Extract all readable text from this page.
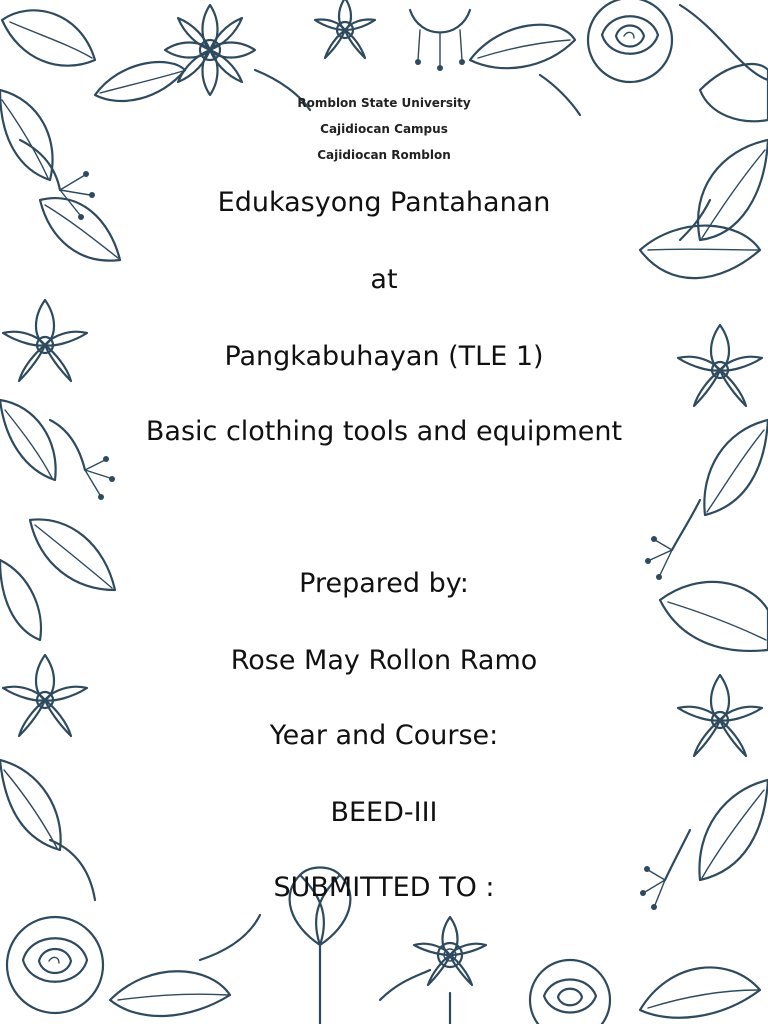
Romblon State University
Cajidiocan Campus
Cajidiocan Romblon
Edukasyong Pantahanan
at
Pangkabuhayan (TLE 1)
Basic clothing tools and equipment
Prepared by:
Rose May Rollon Ramo
Year and Course:
BEED-III
SUBMITTED TO :
